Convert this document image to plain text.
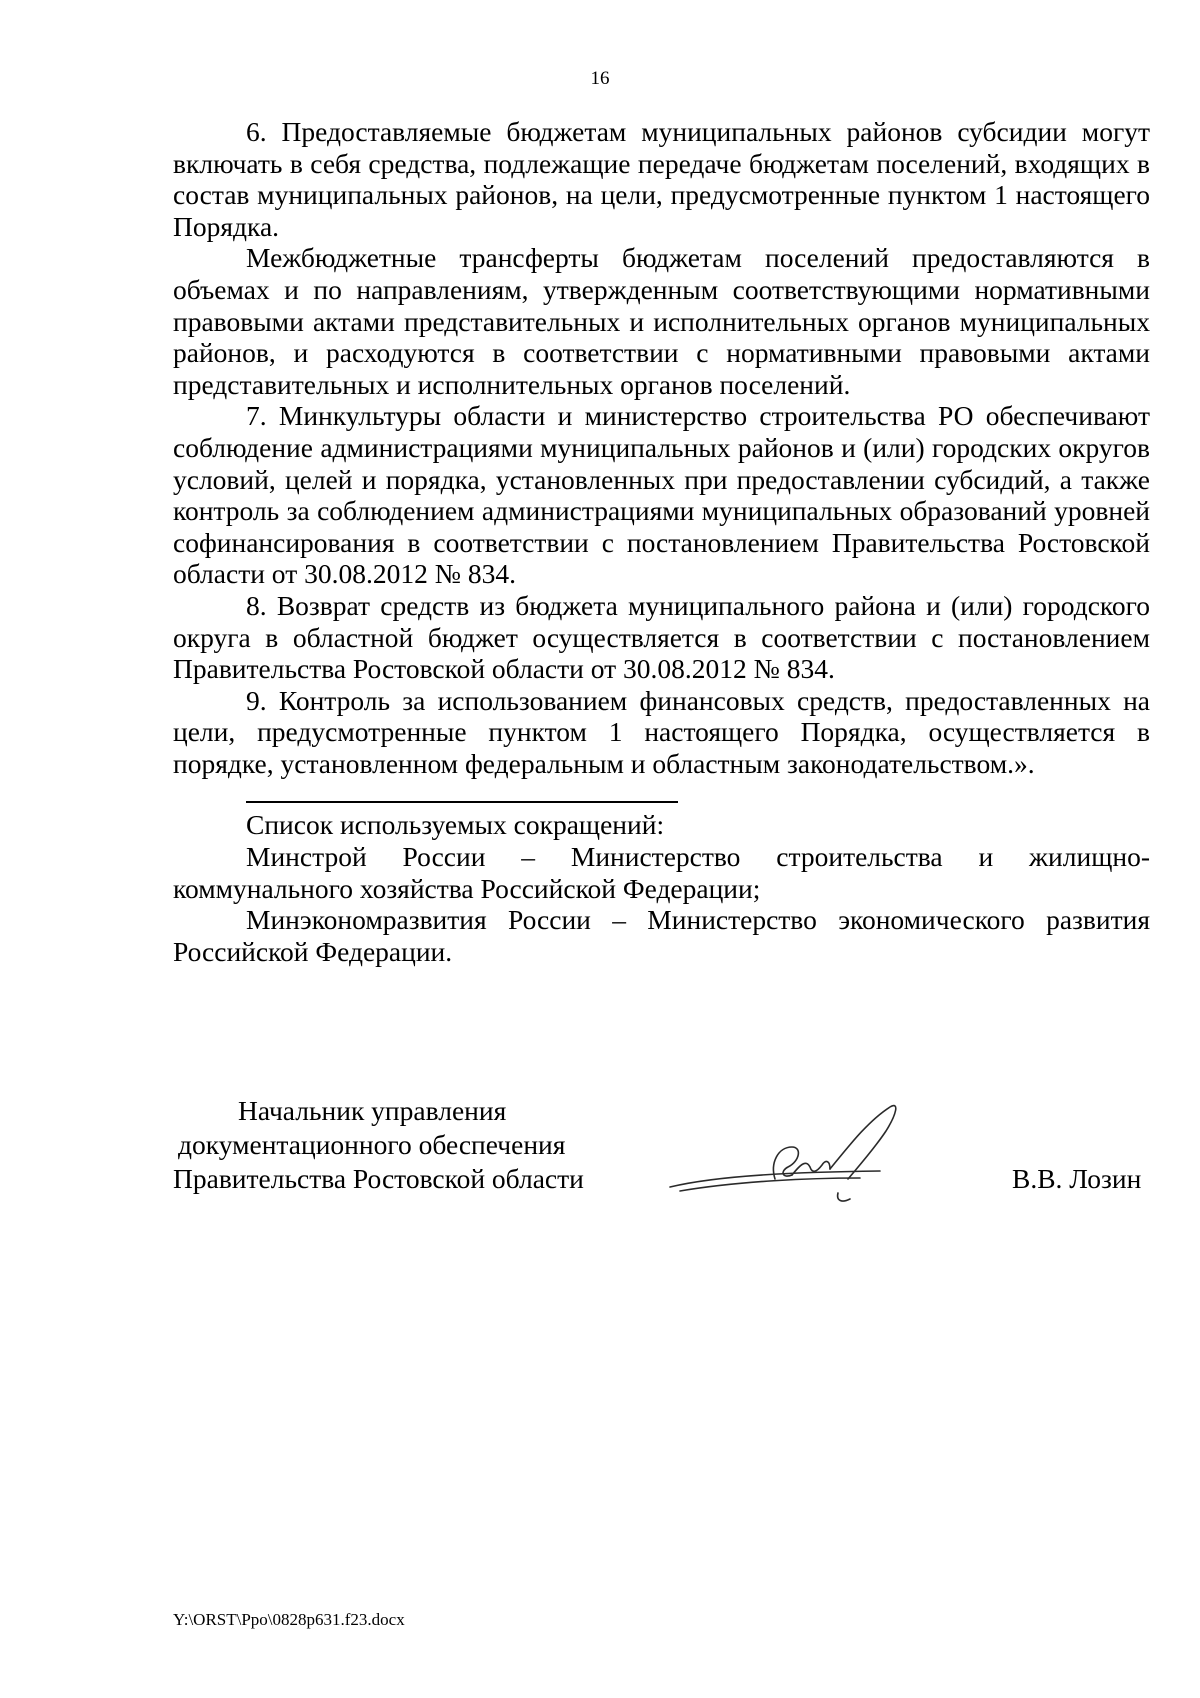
16

6. Предоставляемые бюджетам муниципальных районов субсидии могут включать в себя средства, подлежащие передаче бюджетам поселений, входящих в состав муниципальных районов, на цели, предусмотренные пунктом 1 настоящего Порядка.

Межбюджетные трансферты бюджетам поселений предоставляются в объемах и по направлениям, утвержденным соответствующими нормативными правовыми актами представительных и исполнительных органов муниципальных районов, и расходуются в соответствии с нормативными правовыми актами представительных и исполнительных органов поселений.

7. Минкультуры области и министерство строительства РО обеспечивают соблюдение администрациями муниципальных районов и (или) городских округов условий, целей и порядка, установленных при предоставлении субсидий, а также контроль за соблюдением администрациями муниципальных образований уровней софинансирования в соответствии с постановлением Правительства Ростовской области от 30.08.2012 № 834.

8. Возврат средств из бюджета муниципального района и (или) городского округа в областной бюджет осуществляется в соответствии с постановлением Правительства Ростовской области от 30.08.2012 № 834.

9. Контроль за использованием финансовых средств, предоставленных на цели, предусмотренные пунктом 1 настоящего Порядка, осуществляется в порядке, установленном федеральным и областным законодательством.».

Список используемых сокращений:

Минстрой России – Министерство строительства и жилищно-коммунального хозяйства Российской Федерации;

Минэкономразвития России – Министерство экономического развития Российской Федерации.

Начальник управления
документационного обеспечения
Правительства Ростовской области	В.В. Лозин
Y:\ORST\Ppo\0828p631.f23.docx
